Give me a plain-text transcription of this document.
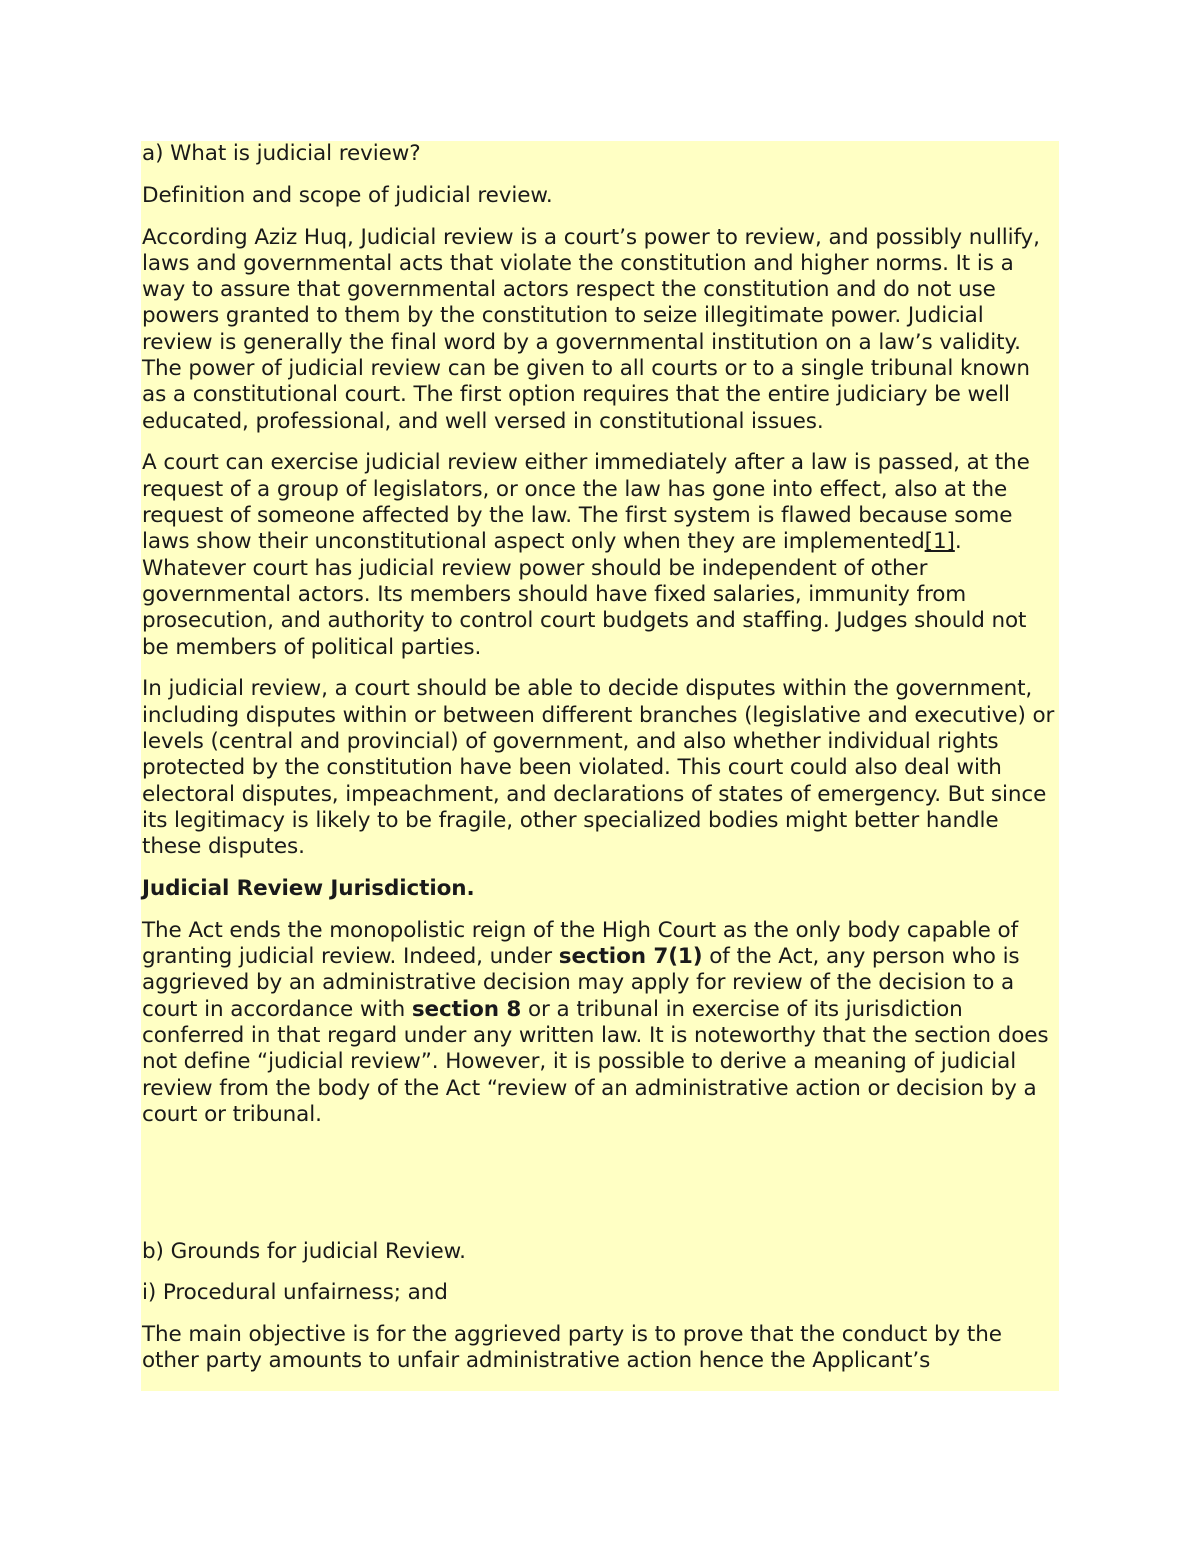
a) What is judicial review?

Definition and scope of judicial review.

According Aziz Huq, Judicial review is a court’s power to review, and possibly nullify, laws and governmental acts that violate the constitution and higher norms. It is a way to assure that governmental actors respect the constitution and do not use powers granted to them by the constitution to seize illegitimate power. Judicial review is generally the final word by a governmental institution on a law’s validity. The power of judicial review can be given to all courts or to a single tribunal known as a constitutional court. The first option requires that the entire judiciary be well educated, professional, and well versed in constitutional issues.

A court can exercise judicial review either immediately after a law is passed, at the request of a group of legislators, or once the law has gone into effect, also at the request of someone affected by the law. The first system is flawed because some laws show their unconstitutional aspect only when they are implemented[1]. Whatever court has judicial review power should be independent of other governmental actors. Its members should have fixed salaries, immunity from prosecution, and authority to control court budgets and staffing. Judges should not be members of political parties.

In judicial review, a court should be able to decide disputes within the government, including disputes within or between different branches (legislative and executive) or levels (central and provincial) of government, and also whether individual rights protected by the constitution have been violated. This court could also deal with electoral disputes, impeachment, and declarations of states of emergency. But since its legitimacy is likely to be fragile, other specialized bodies might better handle these disputes.

Judicial Review Jurisdiction.

The Act ends the monopolistic reign of the High Court as the only body capable of granting judicial review. Indeed, under section 7(1) of the Act, any person who is aggrieved by an administrative decision may apply for review of the decision to a court in accordance with section 8 or a tribunal in exercise of its jurisdiction conferred in that regard under any written law. It is noteworthy that the section does not define “judicial review”. However, it is possible to derive a meaning of judicial review from the body of the Act “review of an administrative action or decision by a court or tribunal.

b) Grounds for judicial Review.

i) Procedural unfairness; and

The main objective is for the aggrieved party is to prove that the conduct by the other party amounts to unfair administrative action hence the Applicant’s
